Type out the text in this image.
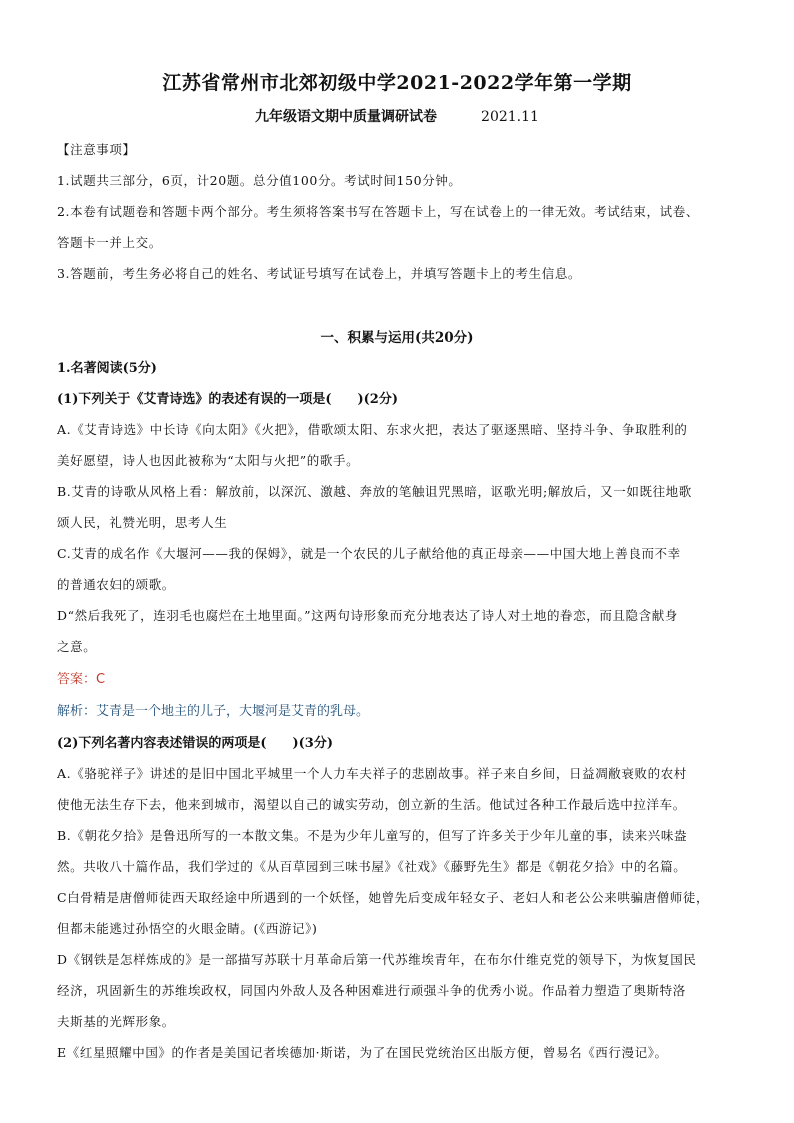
江苏省常州市北郊初级中学2021-2022学年第一学期
九年级语文期中质量调研试卷	2021.11
【注意事项】
1.试题共三部分，6页，计20题。总分值100分。考试时间150分钟。
2.本卷有试题卷和答题卡两个部分。考生须将答案书写在答题卡上，写在试卷上的一律无效。考试结束，试卷、
答题卡一并上交。
3.答题前，考生务必将自己的姓名、考试证号填写在试卷上，并填写答题卡上的考生信息。
一、积累与运用(共20分)
1.名著阅读(5分)
(1)下列关于《艾青诗选》的表述有误的一项是(　　)(2分)
A.《艾青诗选》中长诗《向太阳》《火把》，借歌颂太阳、东求火把，表达了驱逐黑暗、坚持斗争、争取胜利的
美好愿望，诗人也因此被称为“太阳与火把”的歌手。
B.艾青的诗歌从风格上看：解放前，以深沉、激越、奔放的笔触诅咒黑暗，讴歌光明;解放后，又一如既往地歌
颂人民，礼赞光明，思考人生
C.艾青的成名作《大堰河——我的保姆》，就是一个农民的儿子献给他的真正母亲——中国大地上善良而不幸
的普通农妇的颂歌。
D“然后我死了，连羽毛也腐烂在土地里面。”这两句诗形象而充分地表达了诗人对土地的眷恋，而且隐含献身
之意。
答案：C
解析：艾青是一个地主的儿子，大堰河是艾青的乳母。
(2)下列名著内容表述错误的两项是(　　)(3分)
A.《骆驼祥子》讲述的是旧中国北平城里一个人力车夫祥子的悲剧故事。祥子来自乡间，日益凋敝衰败的农村
使他无法生存下去，他来到城市，渴望以自己的诚实劳动，创立新的生活。他试过各种工作最后选中拉洋车。
B.《朝花夕拾》是鲁迅所写的一本散文集。不是为少年儿童写的，但写了许多关于少年儿童的事，读来兴味盎
然。共收八十篇作品，我们学过的《从百草园到三味书屋》《社戏》《藤野先生》都是《朝花夕拾》中的名篇。
C白骨精是唐僧师徒西天取经途中所遇到的一个妖怪，她曾先后变成年轻女子、老妇人和老公公来哄骗唐僧师徒，
但都未能逃过孙悟空的火眼金睛。(《西游记》)
D《钢铁是怎样炼成的》是一部描写苏联十月革命后第一代苏维埃青年，在布尔什维克党的领导下，为恢复国民
经济，巩固新生的苏维埃政权，同国内外敌人及各种困难进行顽强斗争的优秀小说。作品着力塑造了奥斯特洛
夫斯基的光辉形象。
E《红星照耀中国》的作者是美国记者埃德加·斯诺，为了在国民党统治区出版方便，曾易名《西行漫记》。
